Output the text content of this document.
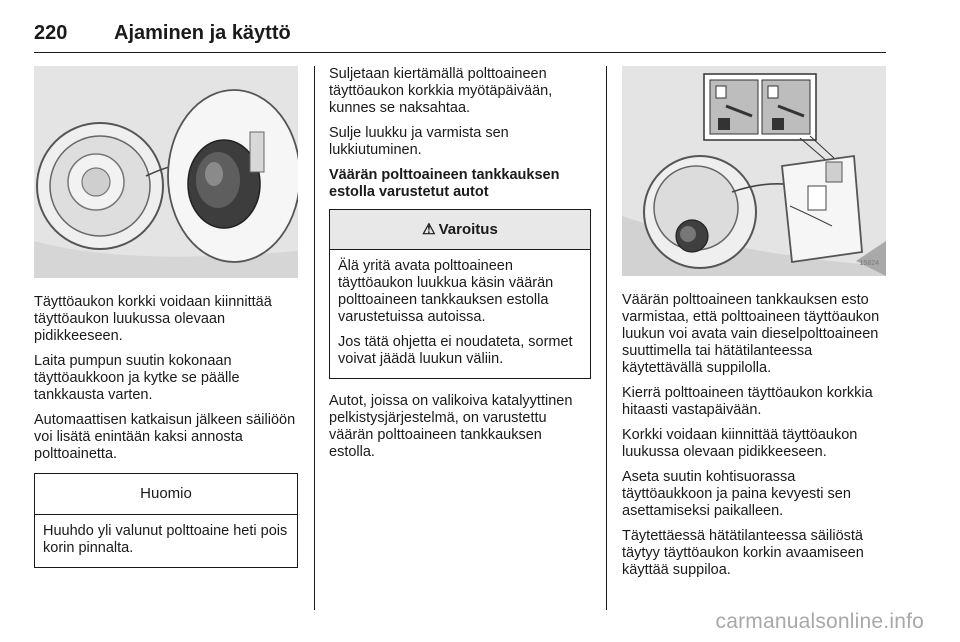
220 Ajaminen ja käyttö

Täyttöaukon korkki voidaan kiinnittää täyttöaukon luukussa olevaan pidikkeeseen.

Laita pumpun suutin kokonaan täyttöaukkoon ja kytke se päälle tankkausta varten.

Automaattisen katkaisun jälkeen säiliöön voi lisätä enintään kaksi annosta polttoainetta.

Huomio

Huuhdo yli valunut polttoaine heti pois korin pinnalta.

Suljetaan kiertämällä polttoaineen täyttöaukon korkkia myötäpäivään, kunnes se naksahtaa.

Sulje luukku ja varmista sen lukkiutuminen.

Väärän polttoaineen tankkauksen estolla varustetut autot

⚠ Varoitus

Älä yritä avata polttoaineen täyttöaukon luukkua käsin väärän polttoaineen tankkauksen estolla varustetuissa autoissa.

Jos tätä ohjetta ei noudateta, sormet voivat jäädä luukun väliin.

Autot, joissa on valikoiva katalyyttinen pelkistysjärjestelmä, on varustettu väärän polttoaineen tankkauksen estolla.

15824

Väärän polttoaineen tankkauksen esto varmistaa, että polttoaineen täyttöaukon luukun voi avata vain dieselpolttoaineen suuttimella tai hätätilanteessa käytettävällä suppilolla.

Kierrä polttoaineen täyttöaukon korkkia hitaasti vastapäivään.

Korkki voidaan kiinnittää täyttöaukon luukussa olevaan pidikkeeseen.

Aseta suutin kohtisuorassa täyttöaukkoon ja paina kevyesti sen asettamiseksi paikalleen.

Täytettäessä hätätilanteessa säiliöstä täytyy täyttöaukon korkin avaamiseen käyttää suppiloa.

carmanualsonline.info
